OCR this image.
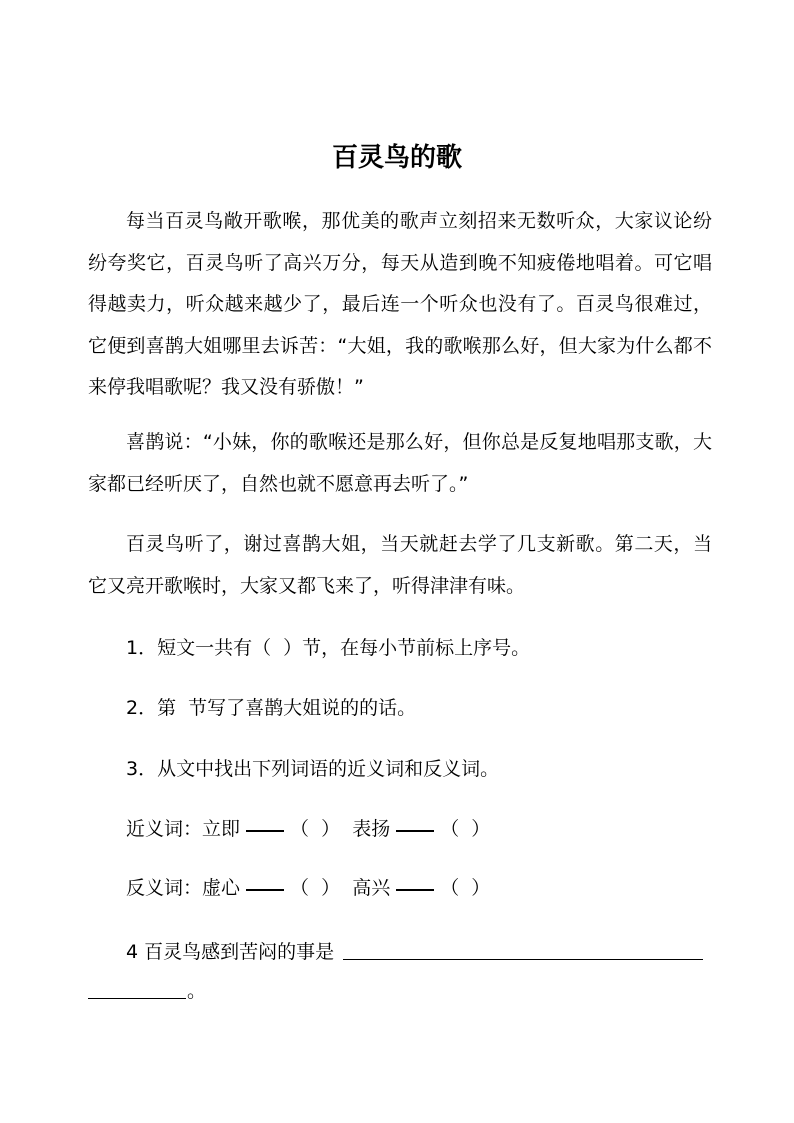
百灵鸟的歌

每当百灵鸟敞开歌喉，那优美的歌声立刻招来无数听众，大家议论纷纷夸奖它，百灵鸟听了高兴万分，每天从造到晚不知疲倦地唱着。可它唱得越卖力，听众越来越少了，最后连一个听众也没有了。百灵鸟很难过，它便到喜鹊大姐哪里去诉苦：“大姐，我的歌喉那么好，但大家为什么都不来停我唱歌呢？我又没有骄傲！”

喜鹊说：“小妹，你的歌喉还是那么好，但你总是反复地唱那支歌，大家都已经听厌了，自然也就不愿意再去听了。”

百灵鸟听了，谢过喜鹊大姐，当天就赶去学了几支新歌。第二天，当它又亮开歌喉时，大家又都飞来了，听得津津有味。

1．短文一共有（  ）节，在每小节前标上序号。
2．第  节写了喜鹊大姐说的的话。
3．从文中找出下列词语的近义词和反义词。
近义词：立即	（  ） 表扬	（  ）
反义词：虚心	（  ） 高兴	（  ）
4 百灵鸟感到苦闷的事是
。
